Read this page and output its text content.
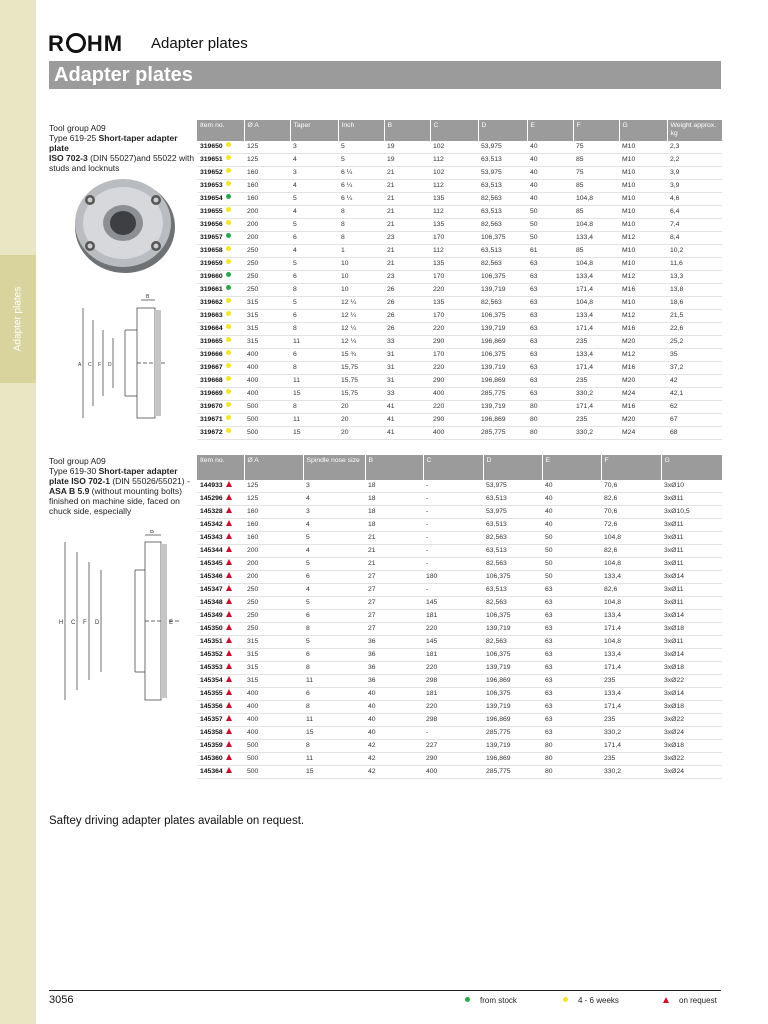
Adapter plates
R HM Adapter plates
Adapter plates
Tool group A09
Type 619-25 Short-taper adapter plate
ISO 702-3 (DIN 55027)and 55022 with studs and locknuts
A C F D
B
Item no.	Ø A	Taper	Inch	B	C	D	E	F	G	Weight approx. kg
319650	125	3	5	19	102	53,975	40	75	M10	2,3
319651	125	4	5	19	112	63,513	40	85	M10	2,2
319652	160	3	6 ¼	21	102	53,975	40	75	M10	3,9
319653	160	4	6 ¼	21	112	63,513	40	85	M10	3,9
319654	160	5	6 ¼	21	135	82,563	40	104,8	M10	4,6
319655	200	4	8	21	112	63,513	50	85	M10	6,4
319656	200	5	8	21	135	82,563	50	104,8	M10	7,4
319657	200	6	8	23	170	106,375	50	133,4	M12	8,4
319658	250	4	1	21	112	63,513	61	85	M10	10,2
319659	250	5	10	21	135	82,563	63	104,8	M10	11,6
319660	250	6	10	23	170	106,375	63	133,4	M12	13,3
319661	250	8	10	26	220	139,719	63	171,4	M16	13,8
319662	315	5	12 ¼	26	135	82,563	63	104,8	M10	18,6
319663	315	6	12 ¼	26	170	106,375	63	133,4	M12	21,5
319664	315	8	12 ¼	26	220	139,719	63	171,4	M16	22,6
319665	315	11	12 ¼	33	290	196,869	63	235	M20	25,2
319666	400	6	15 ¾	31	170	106,375	63	133,4	M12	35
319667	400	8	15,75	31	220	139,719	63	171,4	M16	37,2
319668	400	11	15,75	31	290	196,869	63	235	M20	42
319669	400	15	15,75	33	400	285,775	63	330,2	M24	42,1
319670	500	8	20	41	220	139,719	80	171,4	M16	62
319671	500	11	20	41	290	196,869	80	235	M20	67
319672	500	15	20	41	400	285,775	80	330,2	M24	68
Tool group A09
Type 619-30 Short-taper adapter plate ISO 702-1 (DIN 55026/55021) - ASA B 5.9 (without mounting bolts)
finished on machine side, faced on chuck side, especially
H C F D
B
E
Item no.	Ø A	Spindle nose size	B	C	D	E	F	G
144933	125	3	18	-	53,975	40	70,6	3xØ10
145296	125	4	18	-	63,513	40	82,6	3xØ11
145328	160	3	18	-	53,975	40	70,6	3xØ10,5
145342	160	4	18	-	63,513	40	72,6	3xØ11
145343	160	5	21	-	82,563	50	104,8	3xØ11
145344	200	4	21	-	63,513	50	82,6	3xØ11
145345	200	5	21	-	82,563	50	104,8	3xØ11
145346	200	6	27	180	106,375	50	133,4	3xØ14
145347	250	4	27	-	63,513	63	82,6	3xØ11
145348	250	5	27	145	82,563	63	104,8	3xØ11
145349	250	6	27	181	106,375	63	133,4	3xØ14
145350	250	8	27	220	139,719	63	171,4	3xØ18
145351	315	5	36	145	82,563	63	104,8	3xØ11
145352	315	6	36	181	106,375	63	133,4	3xØ14
145353	315	8	36	220	139,719	63	171,4	3xØ18
145354	315	11	36	298	196,869	63	235	3xØ22
145355	400	6	40	181	106,375	63	133,4	3xØ14
145356	400	8	40	220	139,719	63	171,4	3xØ18
145357	400	11	40	298	196,869	63	235	3xØ22
145358	400	15	40	-	285,775	63	330,2	3xØ24
145359	500	8	42	227	139,719	80	171,4	3xØ18
145360	500	11	42	290	196,869	80	235	3xØ22
145364	500	15	42	400	285,775	80	330,2	3xØ24
Saftey driving adapter plates available on request.
3056	from stock	4 - 6 weeks	on request
